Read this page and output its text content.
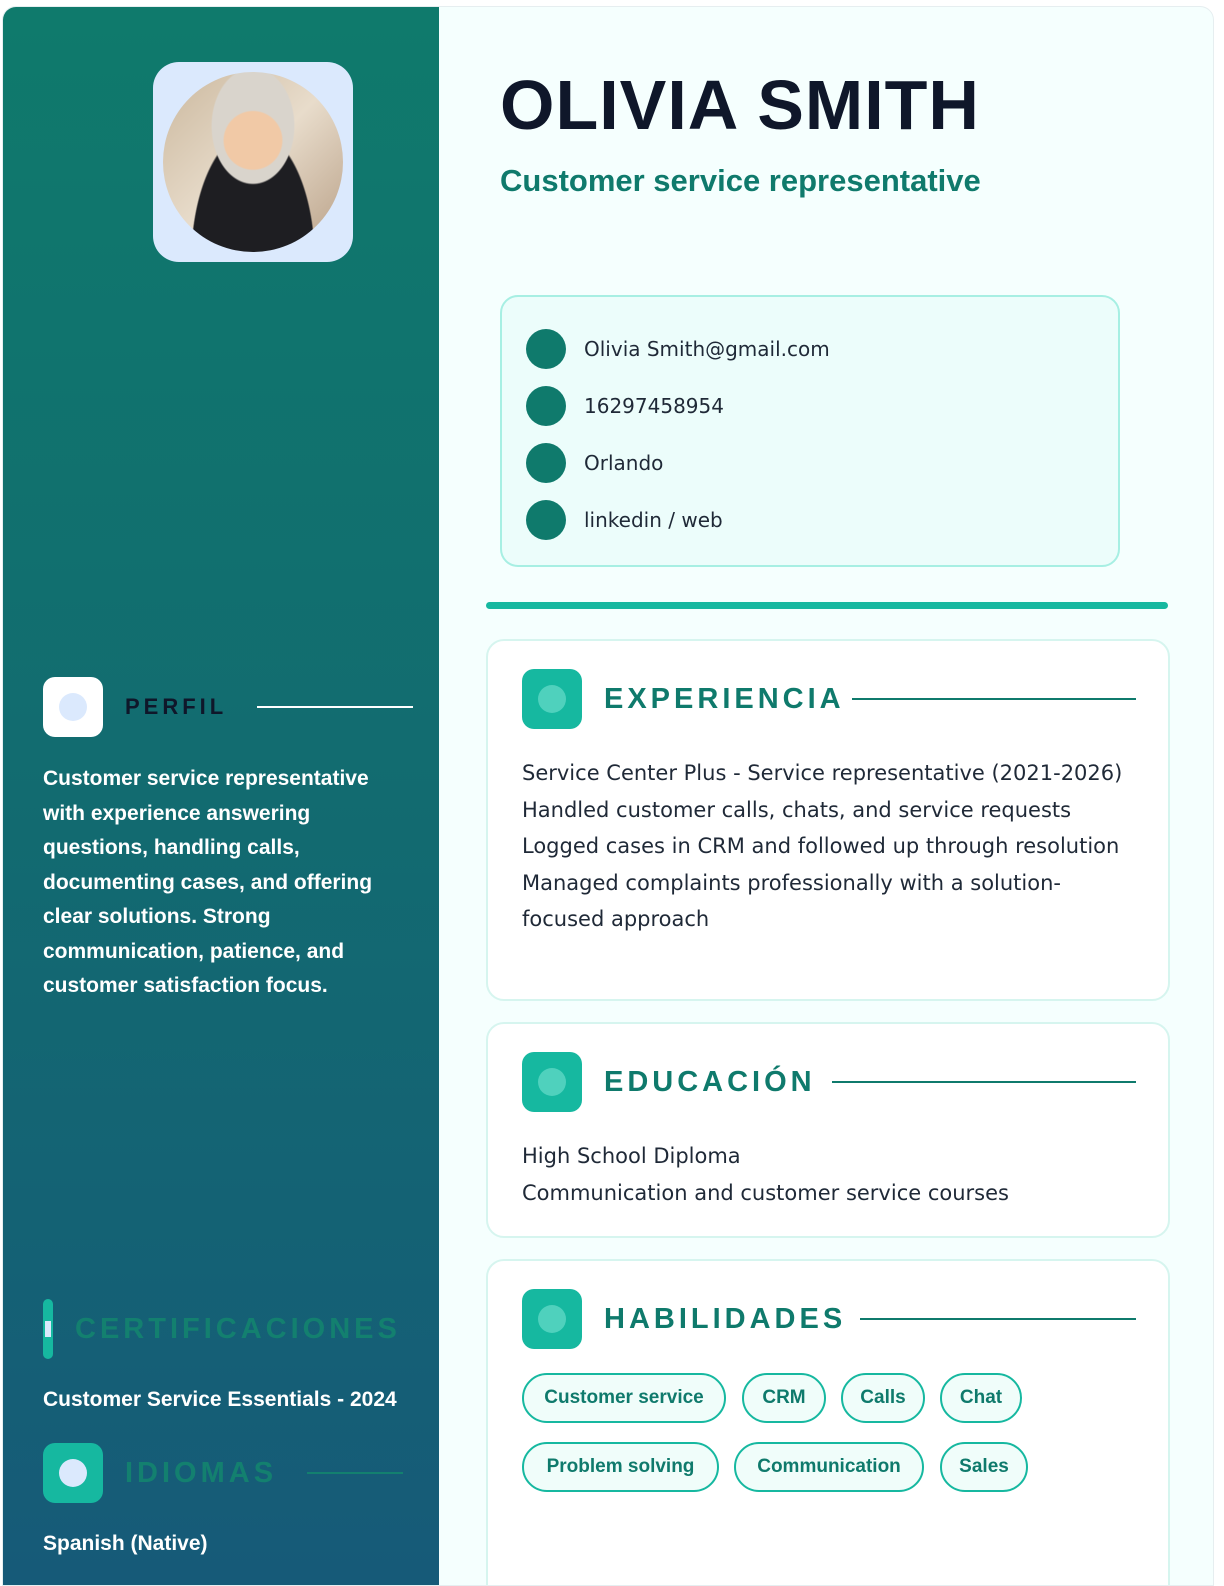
PERFIL
Customer service representative with experience answering questions, handling calls, documenting cases, and offering clear solutions. Strong communication, patience, and customer satisfaction focus.
CERTIFICACIONES
Customer Service Essentials - 2024
IDIOMAS
Spanish (Native)
OLIVIA SMITH
Customer service representative
Olivia Smith@gmail.com
16297458954
Orlando
linkedin / web
EXPERIENCIA
Service Center Plus - Service representative (2021-2026)
Handled customer calls, chats, and service requests
Logged cases in CRM and followed up through resolution
Managed complaints professionally with a solution-focused approach
EDUCACIÓN
High School Diploma
Communication and customer service courses
HABILIDADES
Customer service	CRM	Calls	Chat
Problem solving	Communication	Sales
